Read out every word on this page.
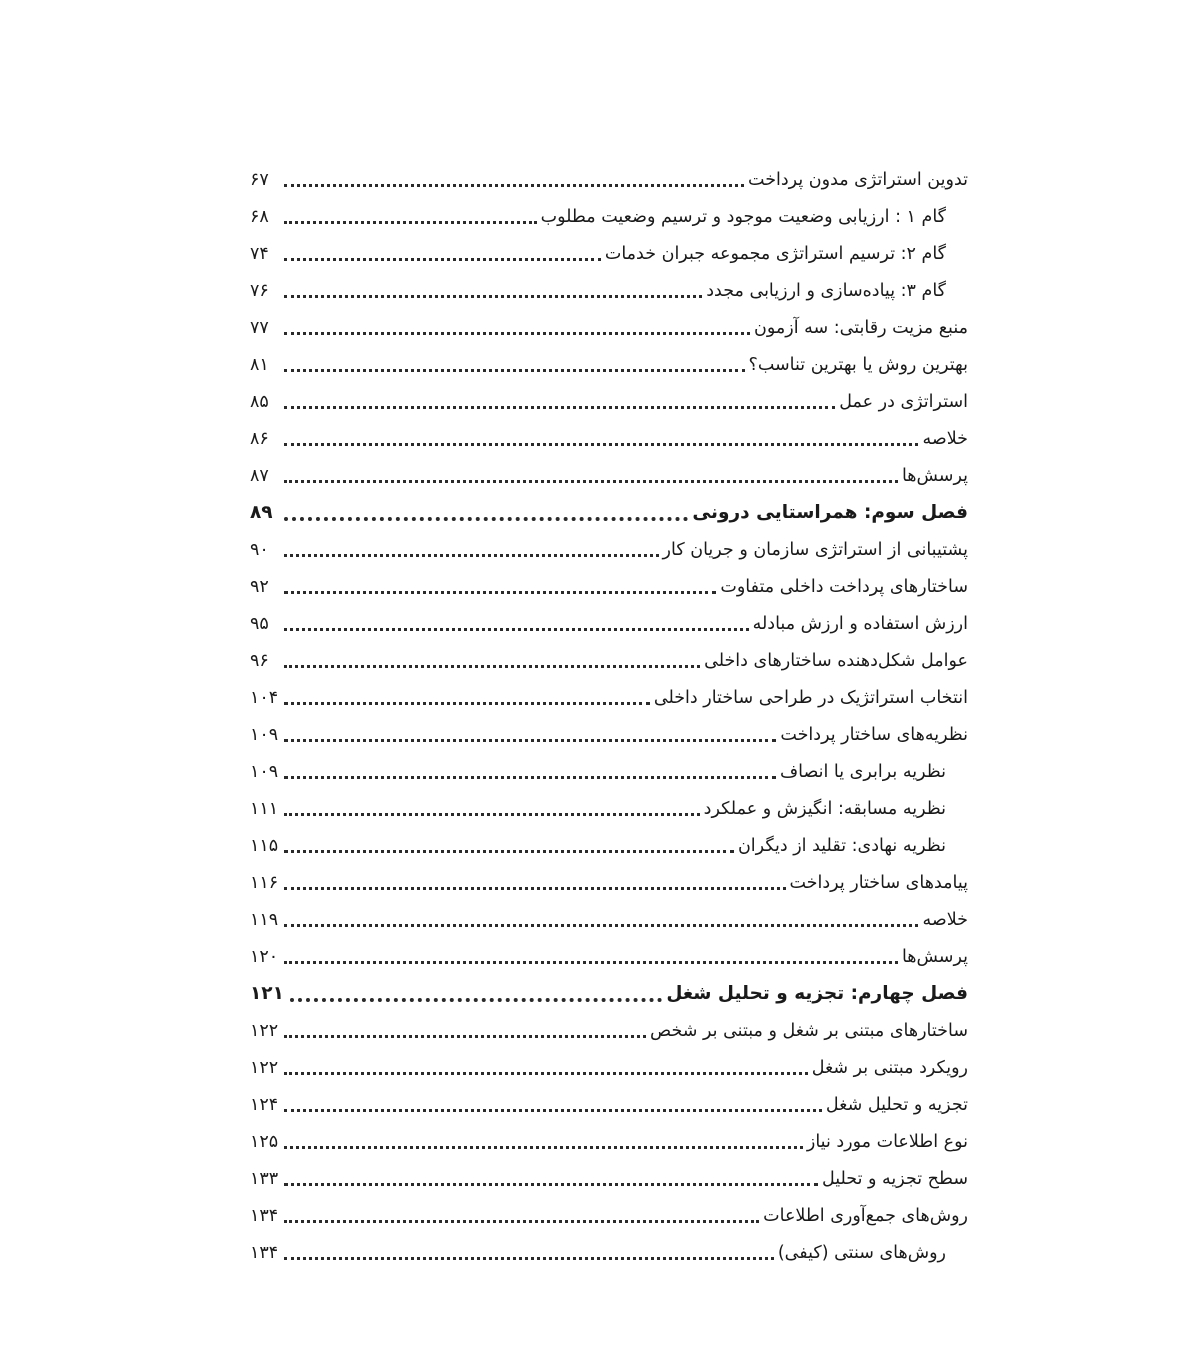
تدوین استراتژی مدون پرداخت
۶۷
گام ۱ : ارزیابی وضعیت موجود و ترسیم وضعیت مطلوب
۶۸
گام ۲: ترسیم استراتژی مجموعه جبران خدمات
۷۴
گام ۳: پیاده‌سازی و ارزیابی مجدد
۷۶
منبع مزیت رقابتی: سه آزمون
۷۷
بهترین روش یا بهترین تناسب؟
۸۱
استراتژی در عمل
۸۵
خلاصه
۸۶
پرسش‌ها
۸۷
فصل سوم: همراستایی درونی
۸۹
پشتیبانی از استراتژی سازمان و جریان کار
۹۰
ساختارهای پرداخت داخلی متفاوت
۹۲
ارزش استفاده و ارزش مبادله
۹۵
عوامل شکل‌دهنده ساختارهای داخلی
۹۶
انتخاب استراتژیک در طراحی ساختار داخلی
۱۰۴
نظریه‌های ساختار پرداخت
۱۰۹
نظریه برابری یا انصاف
۱۰۹
نظریه مسابقه: انگیزش و عملکرد
۱۱۱
نظریه نهادی: تقلید از دیگران
۱۱۵
پیامدهای ساختار پرداخت
۱۱۶
خلاصه
۱۱۹
پرسش‌ها
۱۲۰
فصل چهارم: تجزیه و تحلیل شغل
۱۲۱
ساختارهای مبتنی بر شغل و مبتنی بر شخص
۱۲۲
رویکرد مبتنی بر شغل
۱۲۲
تجزیه و تحلیل شغل
۱۲۴
نوع اطلاعات مورد نیاز
۱۲۵
سطح تجزیه و تحلیل
۱۳۳
روش‌های جمع‌آوری اطلاعات
۱۳۴
روش‌های سنتی (کیفی)
۱۳۴
